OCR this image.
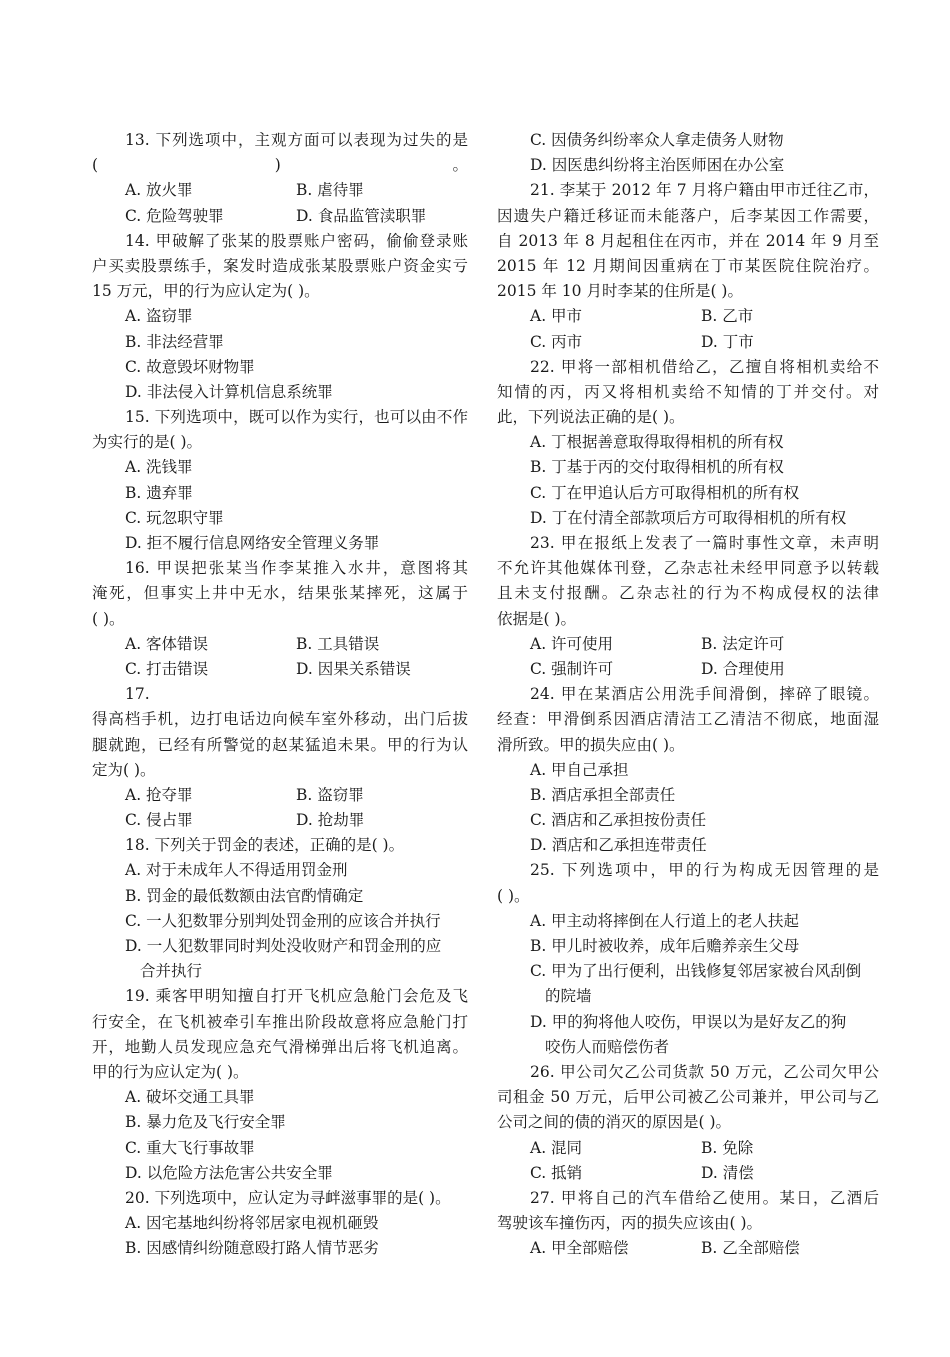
13. 下列选项中，主观方面可以表现为过失的是
( )。
A. 放火罪	B. 虐待罪
C. 危险驾驶罪	D. 食品监管渎职罪
14. 甲破解了张某的股票账户密码，偷偷登录账
户买卖股票练手，案发时造成张某股票账户资金实亏
15 万元，甲的行为应认定为( )。
A. 盗窃罪
B. 非法经营罪
C. 故意毁坏财物罪
D. 非法侵入计算机信息系统罪
15. 下列选项中，既可以作为实行，也可以由不作
为实行的是( )。
A. 洗钱罪
B. 遗弃罪
C. 玩忽职守罪
D. 拒不履行信息网络安全管理义务罪
16. 甲误把张某当作李某推入水井，意图将其
淹死，但事实上井中无水，结果张某摔死，这属于
( )。
A. 客体错误	B. 工具错误
C. 打击错误	D. 因果关系错误
17.
得高档手机，边打电话边向候车室外移动，出门后拔
腿就跑，已经有所警觉的赵某猛追未果。甲的行为认
定为( )。
A. 抢夺罪	B. 盗窃罪
C. 侵占罪	D. 抢劫罪
18. 下列关于罚金的表述，正确的是( )。
A. 对于未成年人不得适用罚金刑
B. 罚金的最低数额由法官酌情确定
C. 一人犯数罪分别判处罚金刑的应该合并执行
D. 一人犯数罪同时判处没收财产和罚金刑的应
合并执行
19. 乘客甲明知擅自打开飞机应急舱门会危及飞
行安全，在飞机被牵引车推出阶段故意将应急舱门打
开，地勤人员发现应急充气滑梯弹出后将飞机追离。
甲的行为应认定为( )。
A. 破坏交通工具罪
B. 暴力危及飞行安全罪
C. 重大飞行事故罪
D. 以危险方法危害公共安全罪
20. 下列选项中，应认定为寻衅滋事罪的是( )。
A. 因宅基地纠纷将邻居家电视机砸毁
B. 因感情纠纷随意殴打路人情节恶劣
C. 因债务纠纷率众人拿走债务人财物
D. 因医患纠纷将主治医师困在办公室
21. 李某于 2012 年 7 月将户籍由甲市迁往乙市，
因遗失户籍迁移证而未能落户，后李某因工作需要，
自 2013 年 8 月起租住在丙市，并在 2014 年 9 月至
2015 年 12 月期间因重病在丁市某医院住院治疗。
2015 年 10 月时李某的住所是( )。
A. 甲市	B. 乙市
C. 丙市	D. 丁市
22. 甲将一部相机借给乙，乙擅自将相机卖给不
知情的丙，丙又将相机卖给不知情的丁并交付。对
此，下列说法正确的是( )。
A. 丁根据善意取得取得相机的所有权
B. 丁基于丙的交付取得相机的所有权
C. 丁在甲追认后方可取得相机的所有权
D. 丁在付清全部款项后方可取得相机的所有权
23. 甲在报纸上发表了一篇时事性文章，未声明
不允许其他媒体刊登，乙杂志社未经甲同意予以转载
且未支付报酬。乙杂志社的行为不构成侵权的法律
依据是( )。
A. 许可使用	B. 法定许可
C. 强制许可	D. 合理使用
24. 甲在某酒店公用洗手间滑倒，摔碎了眼镜。
经查：甲滑倒系因酒店清洁工乙清洁不彻底，地面湿
滑所致。甲的损失应由( )。
A. 甲自己承担
B. 酒店承担全部责任
C. 酒店和乙承担按份责任
D. 酒店和乙承担连带责任
25. 下列选项中，甲的行为构成无因管理的是
( )。
A. 甲主动将摔倒在人行道上的老人扶起
B. 甲儿时被收养，成年后赡养亲生父母
C. 甲为了出行便利，出钱修复邻居家被台风刮倒
的院墙
D. 甲的狗将他人咬伤，甲误以为是好友乙的狗
咬伤人而赔偿伤者
26. 甲公司欠乙公司货款 50 万元，乙公司欠甲公
司租金 50 万元，后甲公司被乙公司兼并，甲公司与乙
公司之间的债的消灭的原因是( )。
A. 混同	B. 免除
C. 抵销	D. 清偿
27. 甲将自己的汽车借给乙使用。某日，乙酒后
驾驶该车撞伤丙，丙的损失应该由( )。
A. 甲全部赔偿	B. 乙全部赔偿
